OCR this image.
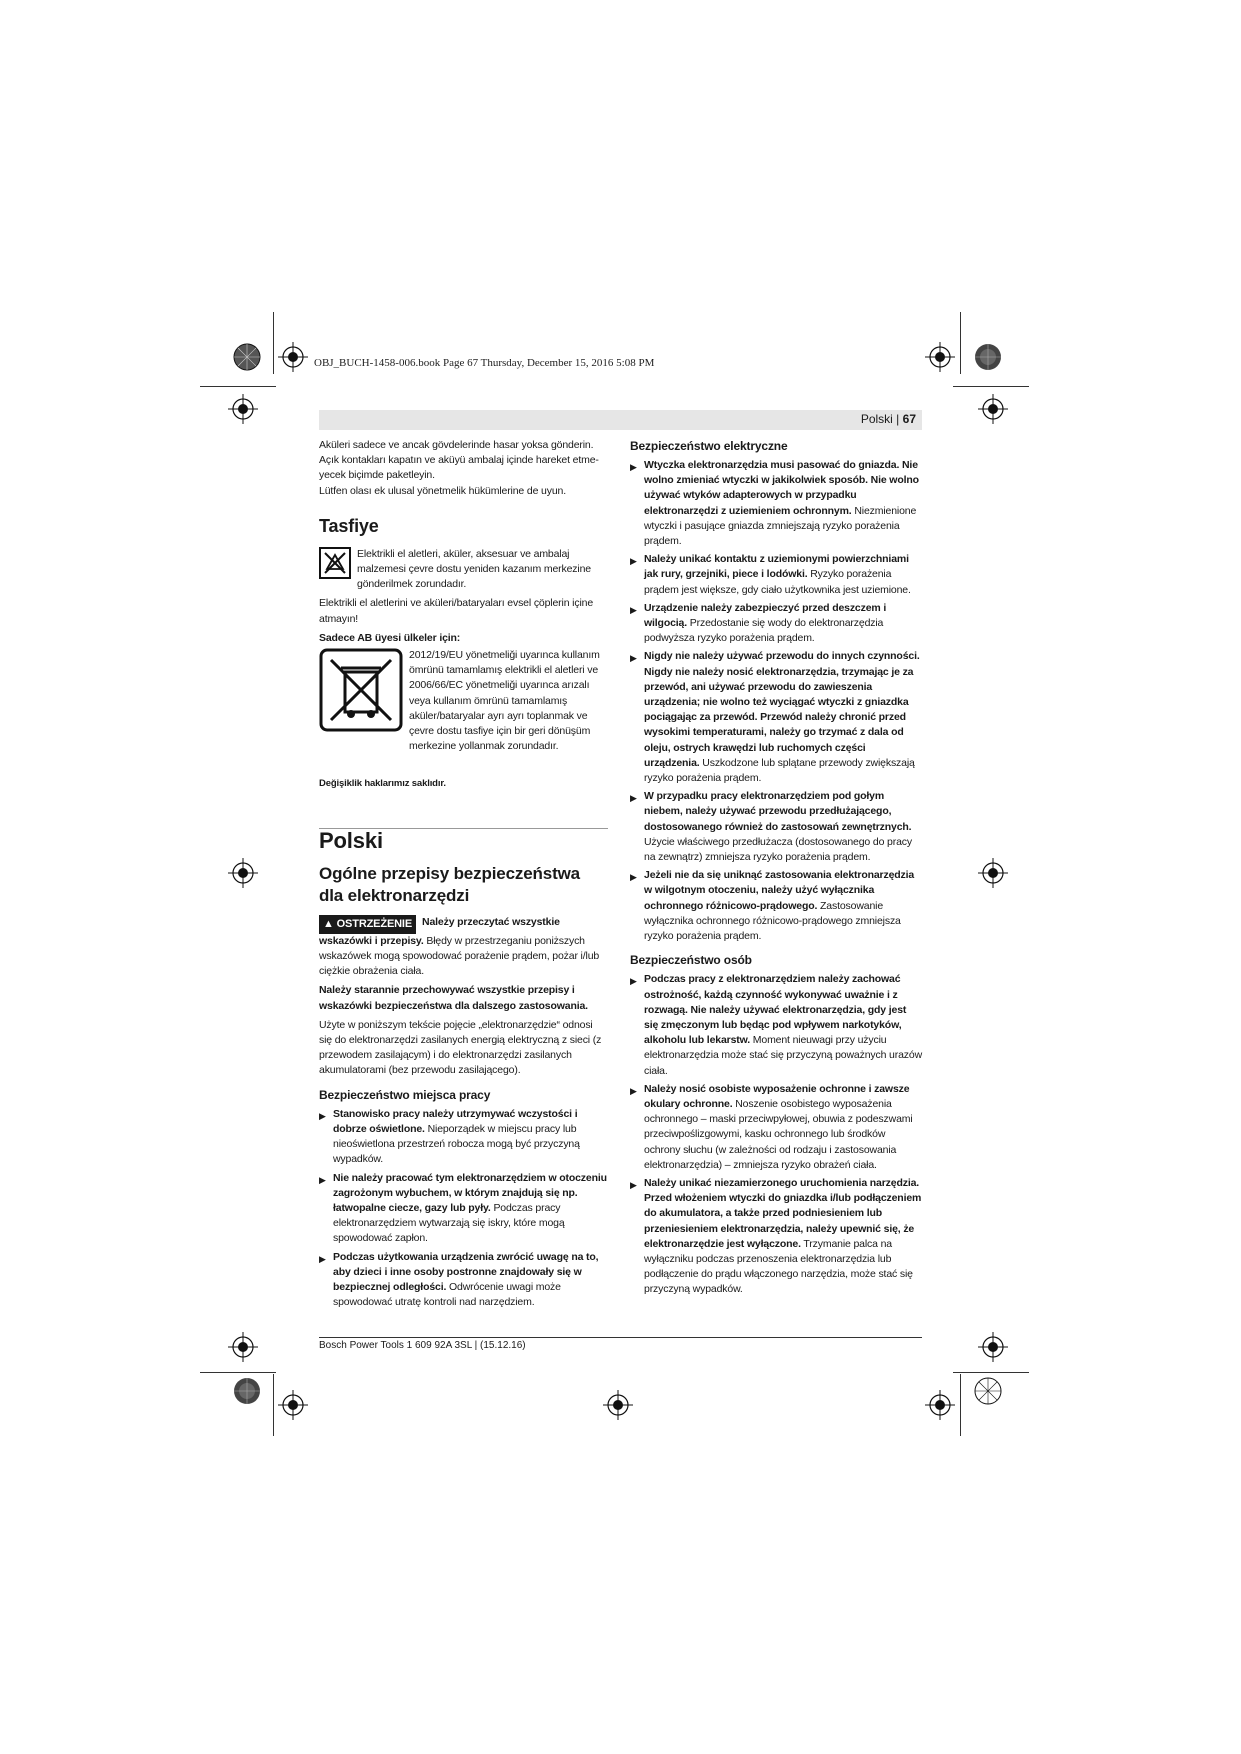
OBJ_BUCH-1458-006.book Page 67 Thursday, December 15, 2016 5:08 PM
Polski | 67
Aküleri sadece ve ancak gövdelerinde hasar yoksa gönderin.
Açık kontakları kapatın ve aküyü ambalaj içinde hareket etme-
yecek biçimde paketleyin.
Lütfen olası ek ulusal yönetmelik hükümlerine de uyun.
Tasfiye
Elektrikli el aletleri, aküler, aksesuar ve ambalaj malzemesi çevre dostu yeniden kazanım merkezine gönderilmek zorundadır.

Elektrikli el aletlerini ve aküleri/bataryaları evsel çöplerin içine atmayın!

Sadece AB üyesi ülkeler için:
2012/19/EU yönetmeliği uyarınca kullanım ömrünü tamamlamış elektrikli el aletleri ve 2006/66/EC yönetmeliği uyarınca arızalı veya kullanım ömrünü tamamlamış aküler/bataryalar ayrı ayrı toplanmak ve çevre dostu tasfiye için bir geri dönüşüm merkezine yollanmak zorundadır.
Değişiklik haklarımız saklıdır.
Polski
Ogólne przepisy bezpieczeństwa dla elektronarzędzi

▲ OSTRZEŻENIE Należy przeczytać wszystkie wskazówki i przepisy. Błędy w przestrzeganiu poniższych wskazówek mogą spowodować porażenie prądem, pożar i/lub ciężkie obrażenia ciała.

Należy starannie przechowywać wszystkie przepisy i wskazówki bezpieczeństwa dla dalszego zastosowania.

Użyte w poniższym tekście pojęcie „elektronarzędzie“ odnosi się do elektronarzędzi zasilanych energią elektryczną z sieci (z przewodem zasilającym) i do elektronarzędzi zasilanych akumulatorami (bez przewodu zasilającego).

Bezpieczeństwo miejsca pracy
▶ Stanowisko pracy należy utrzymywać wczystości i dobrze oświetlone. Nieporządek w miejscu pracy lub nieoświetlona przestrzeń robocza mogą być przyczyną wypadków.
▶ Nie należy pracować tym elektronarzędziem w otoczeniu zagrożonym wybuchem, w którym znajdują się np. łatwopalne ciecze, gazy lub pyły. Podczas pracy elektronarzędziem wytwarzają się iskry, które mogą spowodować zapłon.
▶ Podczas użytkowania urządzenia zwrócić uwagę na to, aby dzieci i inne osoby postronne znajdowały się w bezpiecznej odległości. Odwrócenie uwagi może spowodować utratę kontroli nad narzędziem.
Bezpieczeństwo elektryczne
▶ Wtyczka elektronarzędzia musi pasować do gniazda. Nie wolno zmieniać wtyczki w jakikolwiek sposób. Nie wolno używać wtyków adapterowych w przypadku elektronarzędzi z uziemieniem ochronnym. Niezmienione wtyczki i pasujące gniazda zmniejszają ryzyko porażenia prądem.
▶ Należy unikać kontaktu z uziemionymi powierzchniami jak rury, grzejniki, piece i lodówki. Ryzyko porażenia prądem jest większe, gdy ciało użytkownika jest uziemione.
▶ Urządzenie należy zabezpieczyć przed deszczem i wilgocią. Przedostanie się wody do elektronarzędzia podwyższa ryzyko porażenia prądem.
▶ Nigdy nie należy używać przewodu do innych czynności. Nigdy nie należy nosić elektronarzędzia, trzymając je za przewód, ani używać przewodu do zawieszenia urządzenia; nie wolno też wyciągać wtyczki z gniazdka pociągając za przewód. Przewód należy chronić przed wysokimi temperaturami, należy go trzymać z dala od oleju, ostrych krawędzi lub ruchomych części urządzenia. Uszkodzone lub splątane przewody zwiększają ryzyko porażenia prądem.
▶ W przypadku pracy elektronarzędziem pod gołym niebem, należy używać przewodu przedłużającego, dostosowanego również do zastosowań zewnętrznych. Użycie właściwego przedłużacza (dostosowanego do pracy na zewnątrz) zmniejsza ryzyko porażenia prądem.
▶ Jeżeli nie da się uniknąć zastosowania elektronarzędzia w wilgotnym otoczeniu, należy użyć wyłącznika ochronnego różnicowo-prądowego. Zastosowanie wyłącznika ochronnego różnicowo-prądowego zmniejsza ryzyko porażenia prądem.
Bezpieczeństwo osób
▶ Podczas pracy z elektronarzędziem należy zachować ostrożność, każdą czynność wykonywać uważnie i z rozwagą. Nie należy używać elektronarzędzia, gdy jest się zmęczonym lub będąc pod wpływem narkotyków, alkoholu lub lekarstw. Moment nieuwagi przy użyciu elektronarzędzia może stać się przyczyną poważnych urazów ciała.
▶ Należy nosić osobiste wyposażenie ochronne i zawsze okulary ochronne. Noszenie osobistego wyposażenia ochronnego – maski przeciwpyłowej, obuwia z podeszwami przeciwpoślizgowymi, kasku ochronnego lub środków ochrony słuchu (w zależności od rodzaju i zastosowania elektronarzędzia) – zmniejsza ryzyko obrażeń ciała.
▶ Należy unikać niezamierzonego uruchomienia narzędzia. Przed włożeniem wtyczki do gniazdka i/lub podłączeniem do akumulatora, a także przed podniesieniem lub przeniesieniem elektronarzędzia, należy upewnić się, że elektronarzędzie jest wyłączone. Trzymanie palca na wyłączniku podczas przenoszenia elektronarzędzia lub podłączenie do prądu włączonego narzędzia, może stać się przyczyną wypadków.
Bosch Power Tools 1 609 92A 3SL | (15.12.16)
